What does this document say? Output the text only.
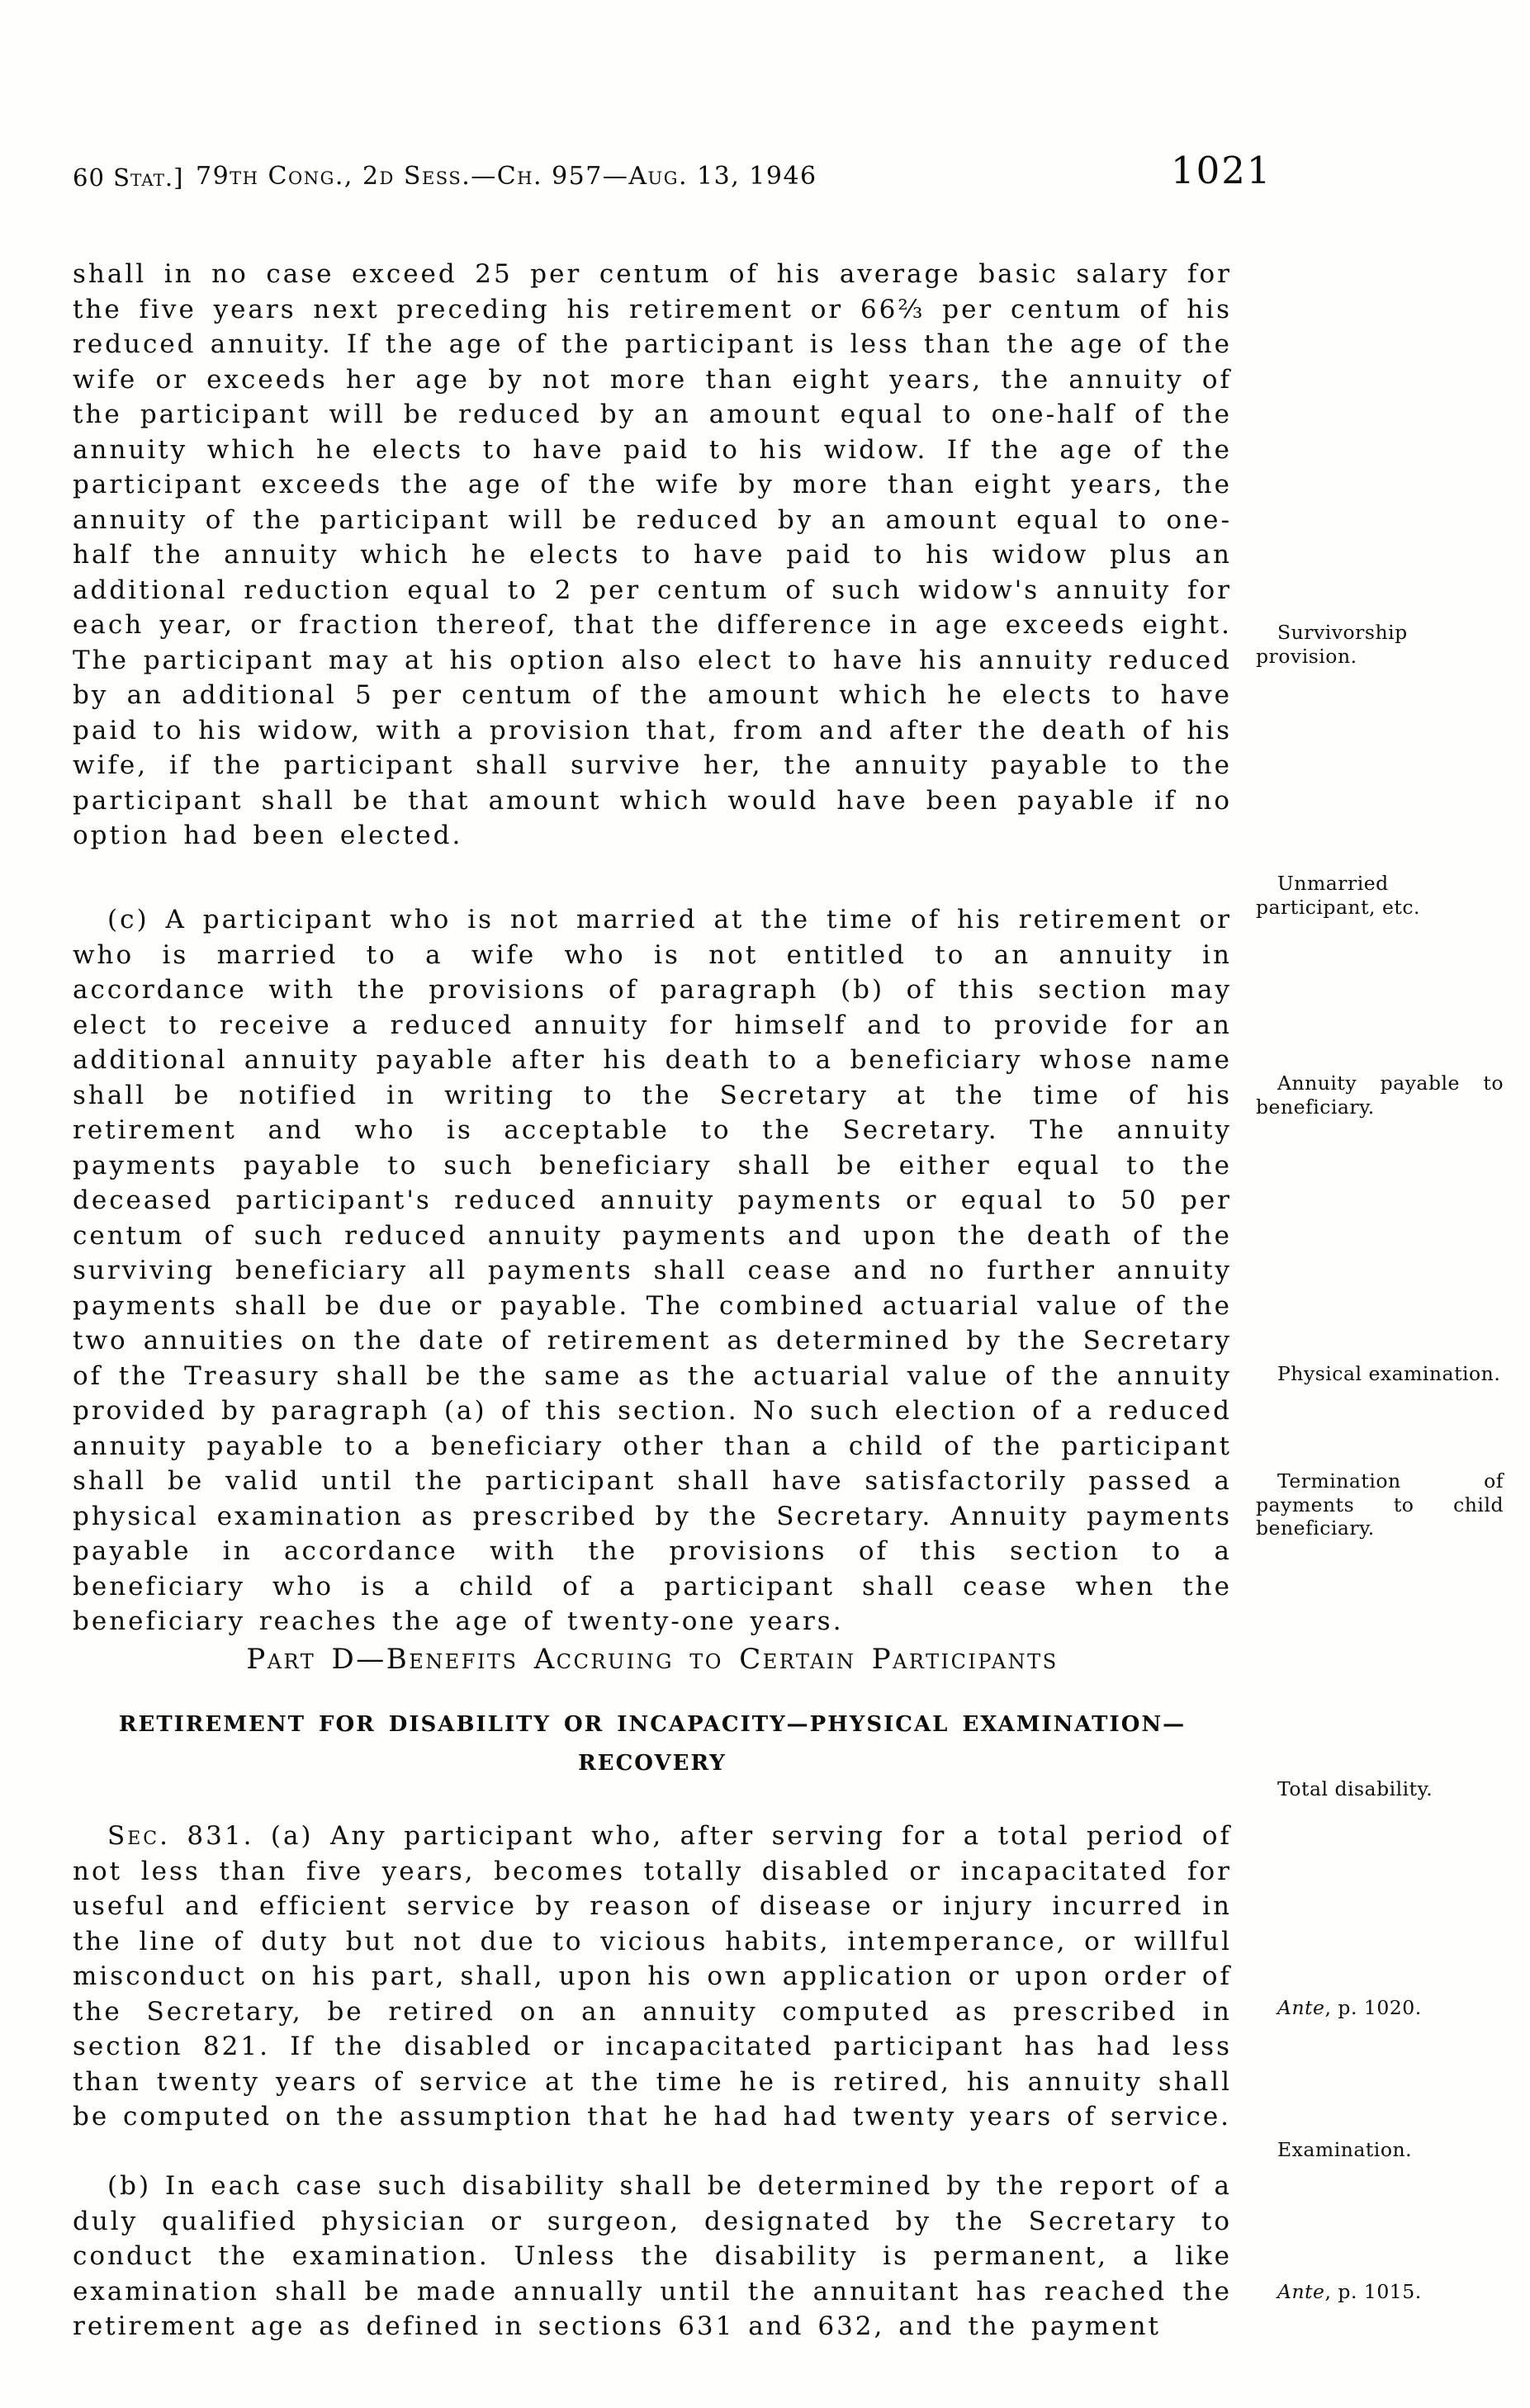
60 Stat.] 79th Cong., 2d Sess.—Ch. 957—Aug. 13, 1946	1021

shall in no case exceed 25 per centum of his average basic salary for the five years next preceding his retirement or 66⅔ per centum of his reduced annuity. If the age of the participant is less than the age of the wife or exceeds her age by not more than eight years, the annuity of the participant will be reduced by an amount equal to one-half of the annuity which he elects to have paid to his widow. If the age of the participant exceeds the age of the wife by more than eight years, the annuity of the participant will be reduced by an amount equal to one-half the annuity which he elects to have paid to his widow plus an additional reduction equal to 2 per centum of such widow's annuity for each year, or fraction thereof, that the difference in age exceeds eight. The participant may at his option also elect to have his annuity reduced by an additional 5 per centum of the amount which he elects to have paid to his widow, with a provision that, from and after the death of his wife, if the participant shall survive her, the annuity payable to the participant shall be that amount which would have been payable if no option had been elected.

(c) A participant who is not married at the time of his retirement or who is married to a wife who is not entitled to an annuity in accordance with the provisions of paragraph (b) of this section may elect to receive a reduced annuity for himself and to provide for an additional annuity payable after his death to a beneficiary whose name shall be notified in writing to the Secretary at the time of his retirement and who is acceptable to the Secretary. The annuity payments payable to such beneficiary shall be either equal to the deceased participant's reduced annuity payments or equal to 50 per centum of such reduced annuity payments and upon the death of the surviving beneficiary all payments shall cease and no further annuity payments shall be due or payable. The combined actuarial value of the two annuities on the date of retirement as determined by the Secretary of the Treasury shall be the same as the actuarial value of the annuity provided by paragraph (a) of this section. No such election of a reduced annuity payable to a beneficiary other than a child of the participant shall be valid until the participant shall have satisfactorily passed a physical examination as prescribed by the Secretary. Annuity payments payable in accordance with the provisions of this section to a beneficiary who is a child of a participant shall cease when the beneficiary reaches the age of twenty-one years.

Part D—Benefits Accruing to Certain Participants
RETIREMENT FOR DISABILITY OR INCAPACITY—PHYSICAL EXAMINATION—RECOVERY

Sec. 831. (a) Any participant who, after serving for a total period of not less than five years, becomes totally disabled or incapacitated for useful and efficient service by reason of disease or injury incurred in the line of duty but not due to vicious habits, intemperance, or willful misconduct on his part, shall, upon his own application or upon order of the Secretary, be retired on an annuity computed as prescribed in section 821. If the disabled or incapacitated participant has had less than twenty years of service at the time he is retired, his annuity shall be computed on the assumption that he had had twenty years of service.

(b) In each case such disability shall be determined by the report of a duly qualified physician or surgeon, designated by the Secretary to conduct the examination. Unless the disability is permanent, a like examination shall be made annually until the annuitant has reached the retirement age as defined in sections 631 and 632, and the payment

Survivorship provision.
Unmarried participant, etc.
Annuity payable to beneficiary.
Physical examination.
Termination of payments to child beneficiary.
Total disability.
Ante, p. 1020.
Examination.
Ante, p. 1015.
